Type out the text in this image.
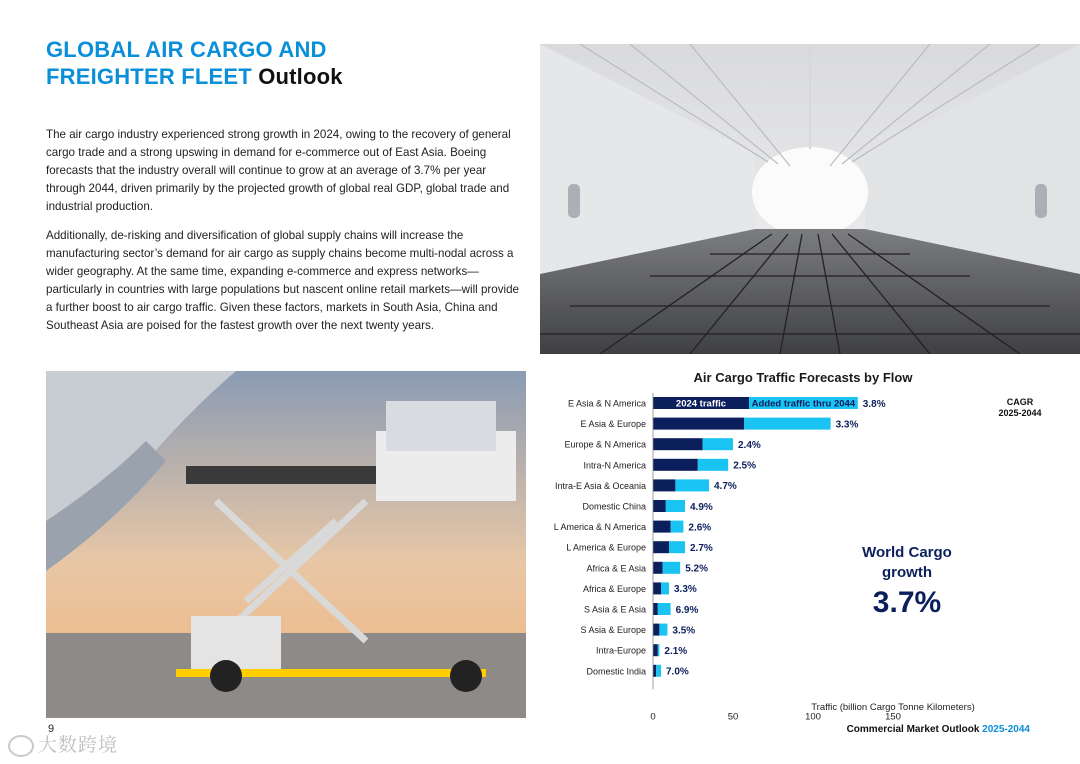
GLOBAL AIR CARGO AND
FREIGHTER FLEET Outlook

The air cargo industry experienced strong growth in 2024, owing to the recovery of general cargo trade and a strong upswing in demand for e-commerce out of East Asia. Boeing forecasts that the industry overall will continue to grow at an average of 3.7% per year through 2044, driven primarily by the projected growth of global real GDP, global trade and industrial production.

Additionally, de-risking and diversification of global supply chains will increase the manufacturing sector’s demand for air cargo as supply chains become multi-nodal across a wider geography. At the same time, expanding e-commerce and express networks—particularly in countries with large populations but nascent online retail markets—will provide a further boost to air cargo traffic. Given these factors, markets in South Asia, China and Southeast Asia are poised for the fastest growth over the next twenty years.

Air Cargo Traffic Forecasts by Flow
CAGR
2025-2044
E Asia & N America	3.8%
2024 traffic	Added traffic thru 2044
E Asia & Europe	3.3%
Europe & N America	2.4%
Intra-N America	2.5%
Intra-E Asia & Oceania	4.7%
Domestic China	4.9%
L America & N America	2.6%
L America & Europe	2.7%
Africa & E Asia	5.2%
Africa & Europe	3.3%
S Asia & E Asia	6.9%
S Asia & Europe	3.5%
Intra-Europe 2.1%
Domestic India 7.0%
0	50	100	150
World Cargo
growth
3.7%
Traffic (billion Cargo Tonne Kilometers)
9	Commercial Market Outlook 2025-2044
大数跨境
